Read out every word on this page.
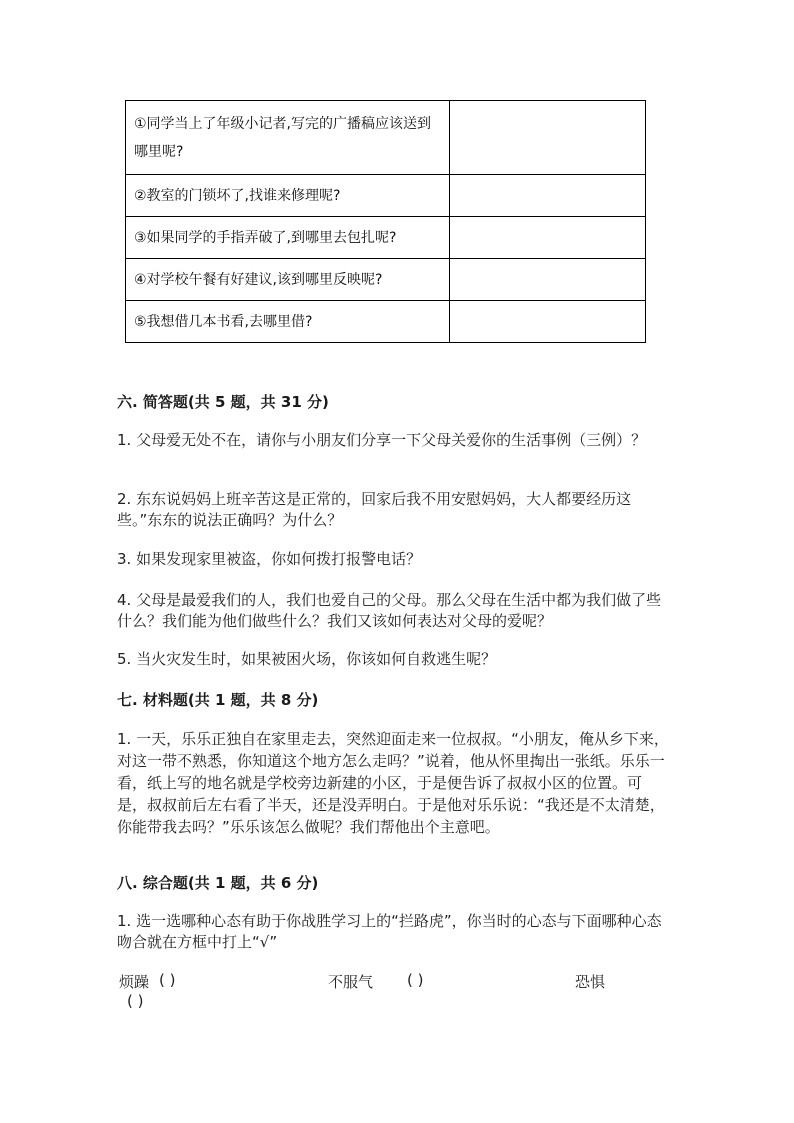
①同学当上了年级小记者,写完的广播稿应该送到哪里呢?	
②教室的门锁坏了,找谁来修理呢?	
③如果同学的手指弄破了,到哪里去包扎呢?	
④对学校午餐有好建议,该到哪里反映呢?	
⑤我想借几本书看,去哪里借?	
六. 简答题(共 5 题，共 31 分)
1. 父母爱无处不在，请你与小朋友们分享一下父母关爱你的生活事例（三例）？
2. 东东说妈妈上班辛苦这是正常的，回家后我不用安慰妈妈，大人都要经历这些。”东东的说法正确吗？为什么？
3. 如果发现家里被盗，你如何拨打报警电话？
4. 父母是最爱我们的人，我们也爱自己的父母。那么父母在生活中都为我们做了些什么？我们能为他们做些什么？我们又该如何表达对父母的爱呢？
5. 当火灾发生时，如果被困火场，你该如何自救逃生呢？
七. 材料题(共 1 题，共 8 分)
1. 一天，乐乐正独自在家里走去，突然迎面走来一位叔叔。“小朋友，俺从乡下来，对这一带不熟悉，你知道这个地方怎么走吗？”说着，他从怀里掏出一张纸。乐乐一看，纸上写的地名就是学校旁边新建的小区，于是便告诉了叔叔小区的位置。可是，叔叔前后左右看了半天，还是没弄明白。于是他对乐乐说：“我还是不太清楚，你能带我去吗？”乐乐该怎么做呢？我们帮他出个主意吧。
八. 综合题(共 1 题，共 6 分)
1. 选一选哪种心态有助于你战胜学习上的“拦路虎”，你当时的心态与下面哪种心态吻合就在方框中打上“√”
烦躁 ( )	不服气 ( )	恐惧
( )
